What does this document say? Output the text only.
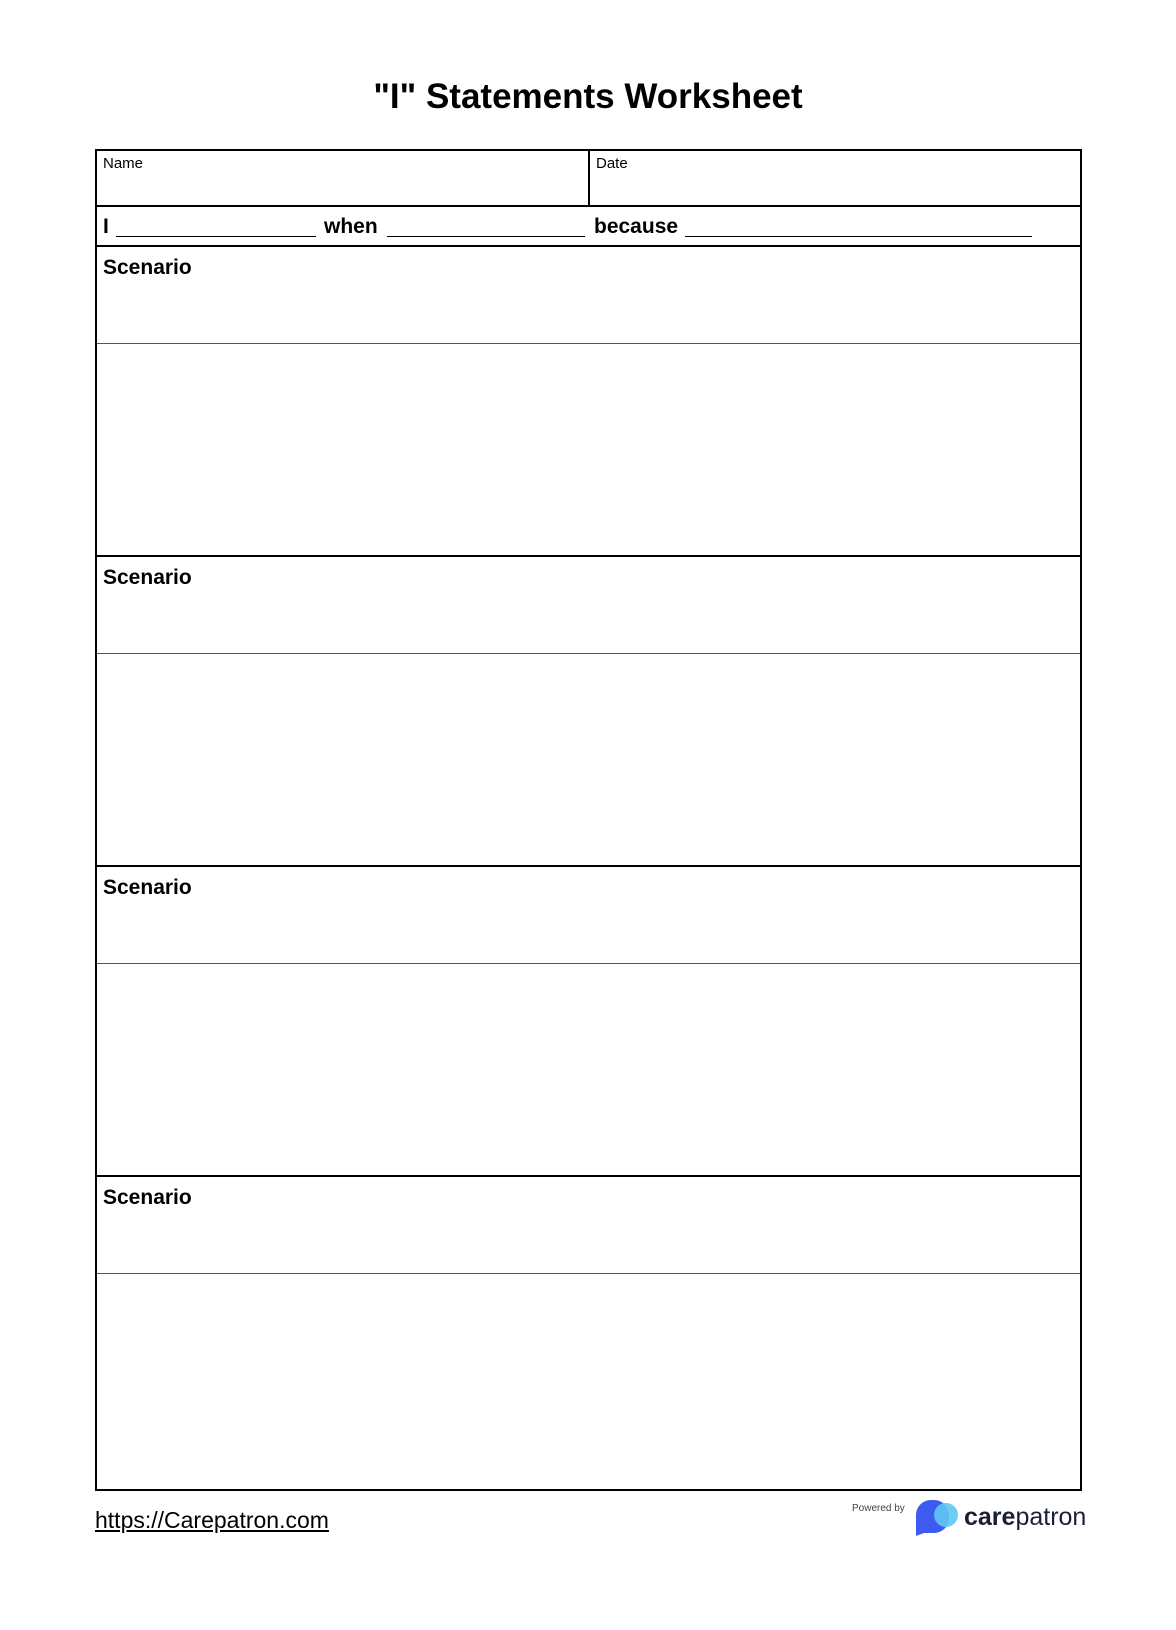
"I" Statements Worksheet
Name	Date
I	when	because
Scenario
Scenario
Scenario
Scenario
https://Carepatron.com	Powered by carepatron
